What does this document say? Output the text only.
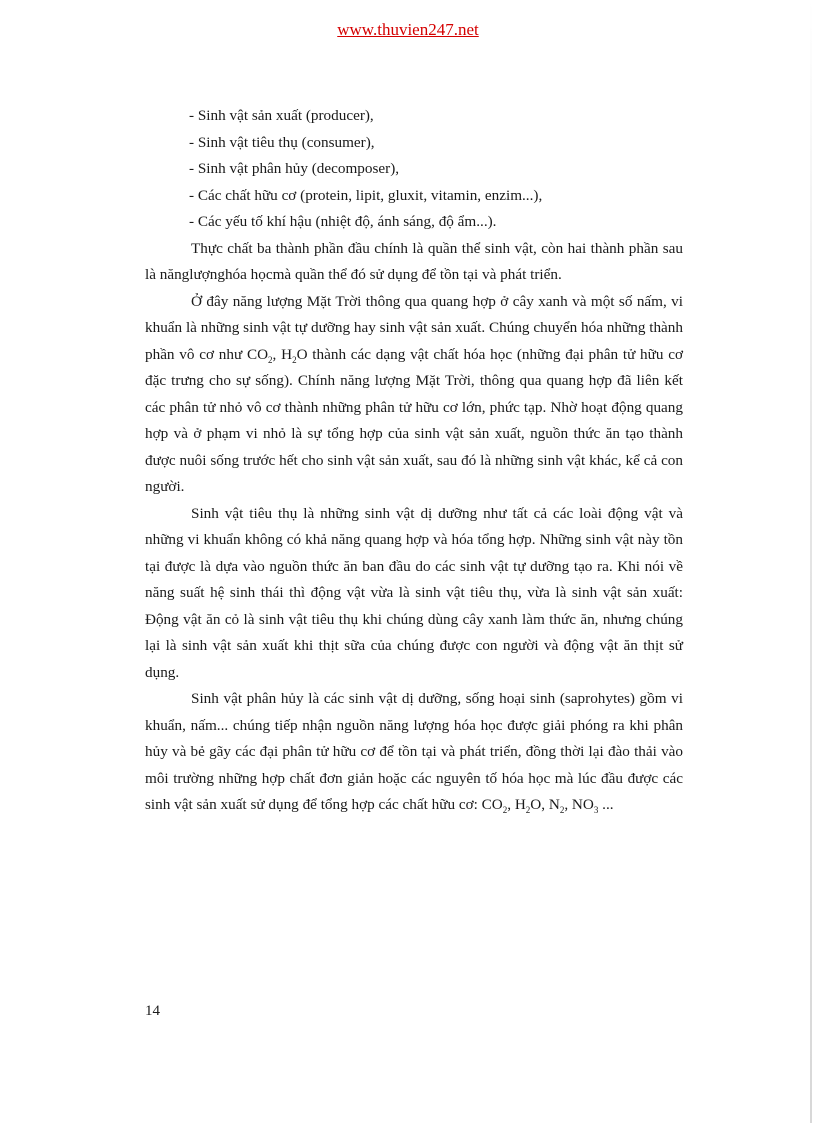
www.thuvien247.net
- Sinh vật sản xuất (producer),
- Sinh vật tiêu thụ (consumer),
- Sinh vật phân hủy (decomposer),
- Các chất hữu cơ (protein, lipit, gluxit, vitamin, enzim...),
- Các yếu tố khí hậu (nhiệt độ, ánh sáng, độ ẩm...).

Thực chất ba thành phần đầu chính là quần thể sinh vật, còn hai thành phần sau là nănglượnghóa họcmà quần thể đó sử dụng để tồn tại và phát triển.

Ở đây năng lượng Mặt Trời thông qua quang hợp ở cây xanh và một số nấm, vi khuẩn là những sinh vật tự dưỡng hay sinh vật sản xuất. Chúng chuyển hóa những thành phần vô cơ như $CO_2$, $H_2O$ thành các dạng vật chất hóa học (những đại phân tử hữu cơ đặc trưng cho sự sống). Chính năng lượng Mặt Trời, thông qua quang hợp đã liên kết các phân tử nhỏ vô cơ thành những phân tử hữu cơ lớn, phức tạp. Nhờ hoạt động quang hợp và ở phạm vi nhỏ là sự tổng hợp của sinh vật sản xuất, nguồn thức ăn tạo thành được nuôi sống trước hết cho sinh vật sản xuất, sau đó là những sinh vật khác, kể cả con người.

Sinh vật tiêu thụ là những sinh vật dị dưỡng như tất cả các loài động vật và những vi khuẩn không có khả năng quang hợp và hóa tổng hợp. Những sinh vật này tồn tại được là dựa vào nguồn thức ăn ban đầu do các sinh vật tự dưỡng tạo ra. Khi nói về năng suất hệ sinh thái thì động vật vừa là sinh vật tiêu thụ, vừa là sinh vật sản xuất: Động vật ăn cỏ là sinh vật tiêu thụ khi chúng dùng cây xanh làm thức ăn, nhưng chúng lại là sinh vật sản xuất khi thịt sữa của chúng được con người và động vật ăn thịt sử dụng.

Sinh vật phân hủy là các sinh vật dị dưỡng, sống hoại sinh (saprohytes) gồm vi khuẩn, nấm... chúng tiếp nhận nguồn năng lượng hóa học được giải phóng ra khi phân hủy và bẻ gãy các đại phân tử hữu cơ để tồn tại và phát triển, đồng thời lại đào thải vào môi trường những hợp chất đơn giản hoặc các nguyên tố hóa học mà lúc đầu được các sinh vật sản xuất sử dụng để tổng hợp các chất hữu cơ: $CO_2$, $H_2O$, $N_2$, $NO_3$ ...

14
